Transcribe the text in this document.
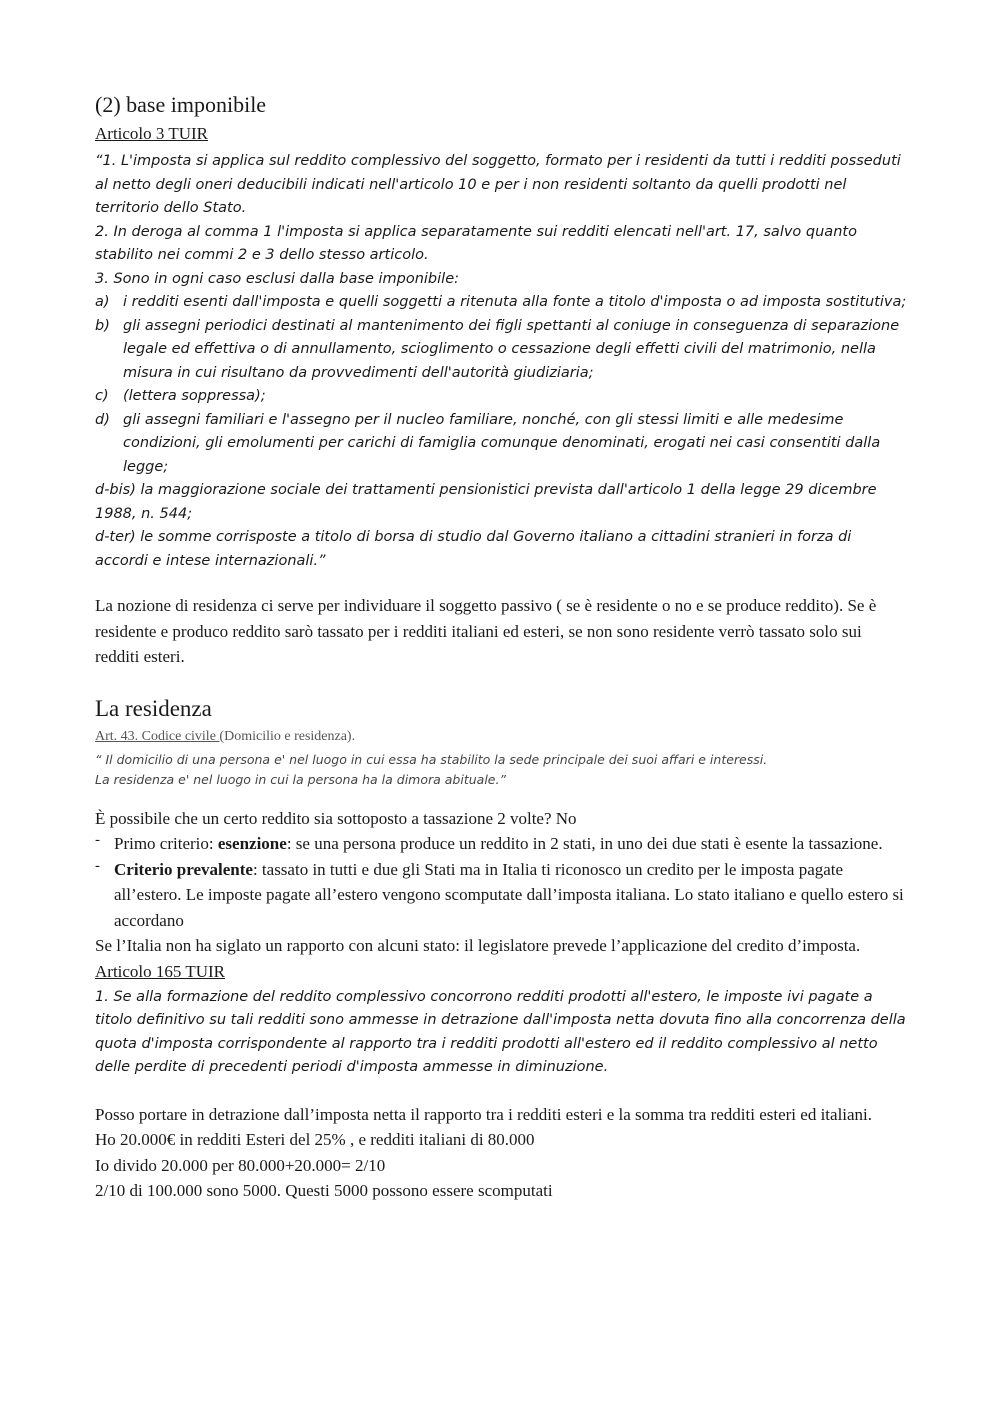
(2) base imponibile

Articolo 3 TUIR

“1. L'imposta si applica sul reddito complessivo del soggetto, formato per i residenti da tutti i redditi posseduti al netto degli oneri deducibili indicati nell'articolo 10 e per i non residenti soltanto da quelli prodotti nel territorio dello Stato.

2. In deroga al comma 1 l'imposta si applica separatamente sui redditi elencati nell'art. 17, salvo quanto stabilito nei commi 2 e 3 dello stesso articolo.

3. Sono in ogni caso esclusi dalla base imponibile:

a) i redditi esenti dall'imposta e quelli soggetti a ritenuta alla fonte a titolo d'imposta o ad imposta sostitutiva;
b) gli assegni periodici destinati al mantenimento dei figli spettanti al coniuge in conseguenza di separazione legale ed effettiva o di annullamento, scioglimento o cessazione degli effetti civili del matrimonio, nella misura in cui risultano da provvedimenti dell'autorità giudiziaria;
c) (lettera soppressa);
d) gli assegni familiari e l'assegno per il nucleo familiare, nonché, con gli stessi limiti e alle medesime condizioni, gli emolumenti per carichi di famiglia comunque denominati, erogati nei casi consentiti dalla legge;

d-bis) la maggiorazione sociale dei trattamenti pensionistici prevista dall'articolo 1 della legge 29 dicembre 1988, n. 544;

d-ter) le somme corrisposte a titolo di borsa di studio dal Governo italiano a cittadini stranieri in forza di accordi e intese internazionali.”

La nozione di residenza ci serve per individuare il soggetto passivo ( se è residente o no e se produce reddito). Se è residente e produco reddito sarò tassato per i redditi italiani ed esteri, se non sono residente verrò tassato solo sui redditi esteri.

La residenza

Art. 43. Codice civile (Domicilio e residenza).

“ Il domicilio di una persona e' nel luogo in cui essa ha stabilito la sede principale dei suoi affari e interessi.

La residenza e' nel luogo in cui la persona ha la dimora abituale.”

È possibile che un certo reddito sia sottoposto a tassazione 2 volte? No

- Primo criterio: esenzione: se una persona produce un reddito in 2 stati, in uno dei due stati è esente la tassazione.
- Criterio prevalente: tassato in tutti e due gli Stati ma in Italia ti riconosco un credito per le imposta pagate all’estero. Le imposte pagate all’estero vengono scomputate dall’imposta italiana. Lo stato italiano e quello estero si accordano

Se l’Italia non ha siglato un rapporto con alcuni stato: il legislatore prevede l’applicazione del credito d’imposta.

Articolo 165 TUIR

1. Se alla formazione del reddito complessivo concorrono redditi prodotti all'estero, le imposte ivi pagate a titolo definitivo su tali redditi sono ammesse in detrazione dall'imposta netta dovuta fino alla concorrenza della quota d'imposta corrispondente al rapporto tra i redditi prodotti all'estero ed il reddito complessivo al netto delle perdite di precedenti periodi d'imposta ammesse in diminuzione.

Posso portare in detrazione dall’imposta netta il rapporto tra i redditi esteri e la somma tra redditi esteri ed italiani.

Ho 20.000€ in redditi Esteri del 25% , e redditi italiani di 80.000

Io divido 20.000 per 80.000+20.000= 2/10

2/10 di 100.000 sono 5000. Questi 5000 possono essere scomputati
